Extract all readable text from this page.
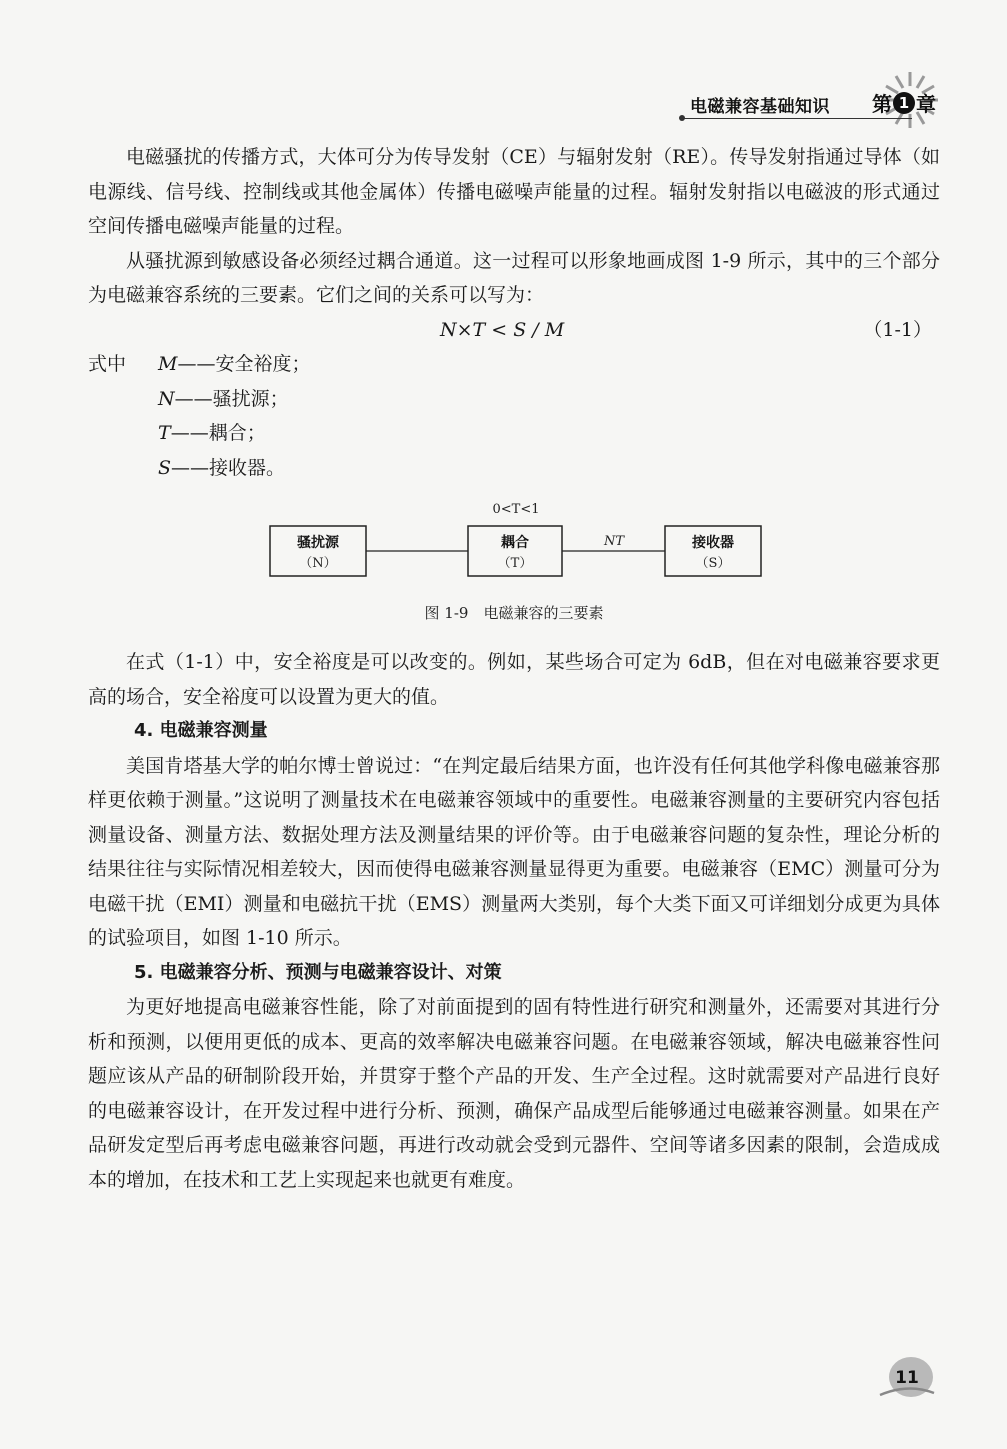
电磁兼容基础知识 第 1 章

电磁骚扰的传播方式，大体可分为传导发射（CE）与辐射发射（RE）。传导发射指通过导体（如电源线、信号线、控制线或其他金属体）传播电磁噪声能量的过程。辐射发射指以电磁波的形式通过空间传播电磁噪声能量的过程。

从骚扰源到敏感设备必须经过耦合通道。这一过程可以形象地画成图 1-9 所示，其中的三个部分为电磁兼容系统的三要素。它们之间的关系可以写为：

N×T < S / M	（1-1）
式中 M——安全裕度；
N——骚扰源；
T——耦合；
S——接收器。
0<T<1
骚扰源
（N）
耦合
（T）
NT	接收器
（S）
图 1-9　电磁兼容的三要素

在式（1-1）中，安全裕度是可以改变的。例如，某些场合可定为 6dB，但在对电磁兼容要求更高的场合，安全裕度可以设置为更大的值。

4. 电磁兼容测量

美国肯塔基大学的帕尔博士曾说过：“在判定最后结果方面，也许没有任何其他学科像电磁兼容那样更依赖于测量。”这说明了测量技术在电磁兼容领域中的重要性。电磁兼容测量的主要研究内容包括测量设备、测量方法、数据处理方法及测量结果的评价等。由于电磁兼容问题的复杂性，理论分析的结果往往与实际情况相差较大，因而使得电磁兼容测量显得更为重要。电磁兼容（EMC）测量可分为电磁干扰（EMI）测量和电磁抗干扰（EMS）测量两大类别，每个大类下面又可详细划分成更为具体的试验项目，如图 1-10 所示。

5. 电磁兼容分析、预测与电磁兼容设计、对策

为更好地提高电磁兼容性能，除了对前面提到的固有特性进行研究和测量外，还需要对其进行分析和预测，以便用更低的成本、更高的效率解决电磁兼容问题。在电磁兼容领域，解决电磁兼容性问题应该从产品的研制阶段开始，并贯穿于整个产品的开发、生产全过程。这时就需要对产品进行良好的电磁兼容设计，在开发过程中进行分析、预测，确保产品成型后能够通过电磁兼容测量。如果在产品研发定型后再考虑电磁兼容问题，再进行改动就会受到元器件、空间等诸多因素的限制，会造成成本的增加，在技术和工艺上实现起来也就更有难度。

11
